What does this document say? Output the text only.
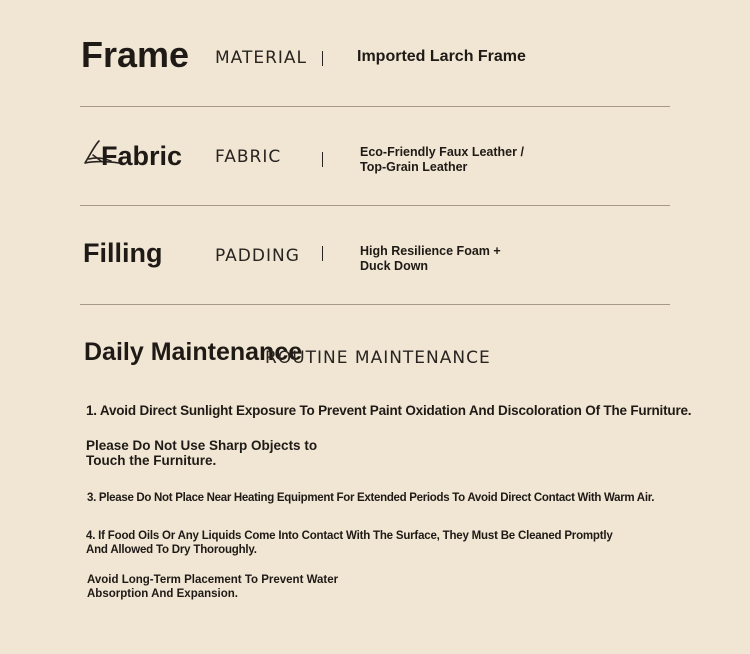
Frame MATERIAL	Imported Larch Frame
Fabric FABRIC	Eco-Friendly Faux Leather /
Top-Grain Leather
Filling	PADDING	High Resilience Foam +
Duck Down
Daily Maintenance
ROUTINE MAINTENANCE
1. Avoid Direct Sunlight Exposure To Prevent Paint Oxidation And Discoloration Of The Furniture.
Please Do Not Use Sharp Objects to
Touch the Furniture.
3. Please Do Not Place Near Heating Equipment For Extended Periods To Avoid Direct Contact With Warm Air.
4. If Food Oils Or Any Liquids Come Into Contact With The Surface, They Must Be Cleaned Promptly
And Allowed To Dry Thoroughly.
Avoid Long-Term Placement To Prevent Water
Absorption And Expansion.
